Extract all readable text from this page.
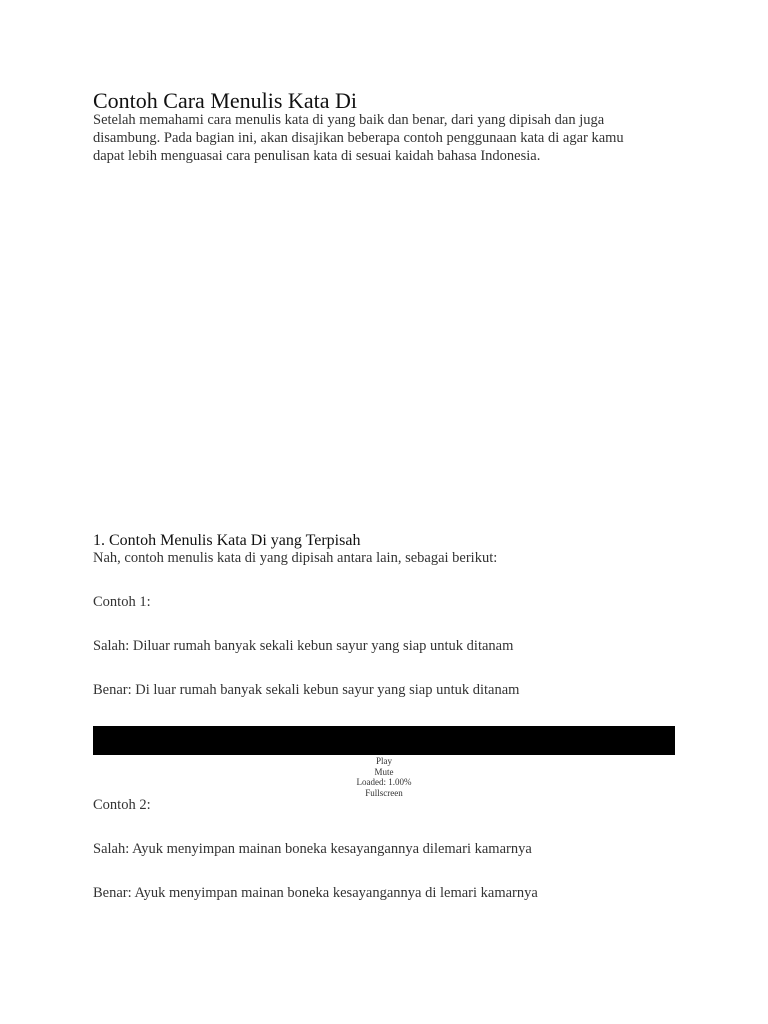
Contoh Cara Menulis Kata Di
Setelah memahami cara menulis kata di yang baik dan benar, dari yang dipisah dan juga
disambung. Pada bagian ini, akan disajikan beberapa contoh penggunaan kata di agar kamu
dapat lebih menguasai cara penulisan kata di sesuai kaidah bahasa Indonesia.
1. Contoh Menulis Kata Di yang Terpisah
Nah, contoh menulis kata di yang dipisah antara lain, sebagai berikut:
Contoh 1:
Salah: Diluar rumah banyak sekali kebun sayur yang siap untuk ditanam
Benar: Di luar rumah banyak sekali kebun sayur yang siap untuk ditanam
Play
Mute
Loaded: 1.00%
Fullscreen
Contoh 2:
Salah: Ayuk menyimpan mainan boneka kesayangannya dilemari kamarnya
Benar: Ayuk menyimpan mainan boneka kesayangannya di lemari kamarnya
